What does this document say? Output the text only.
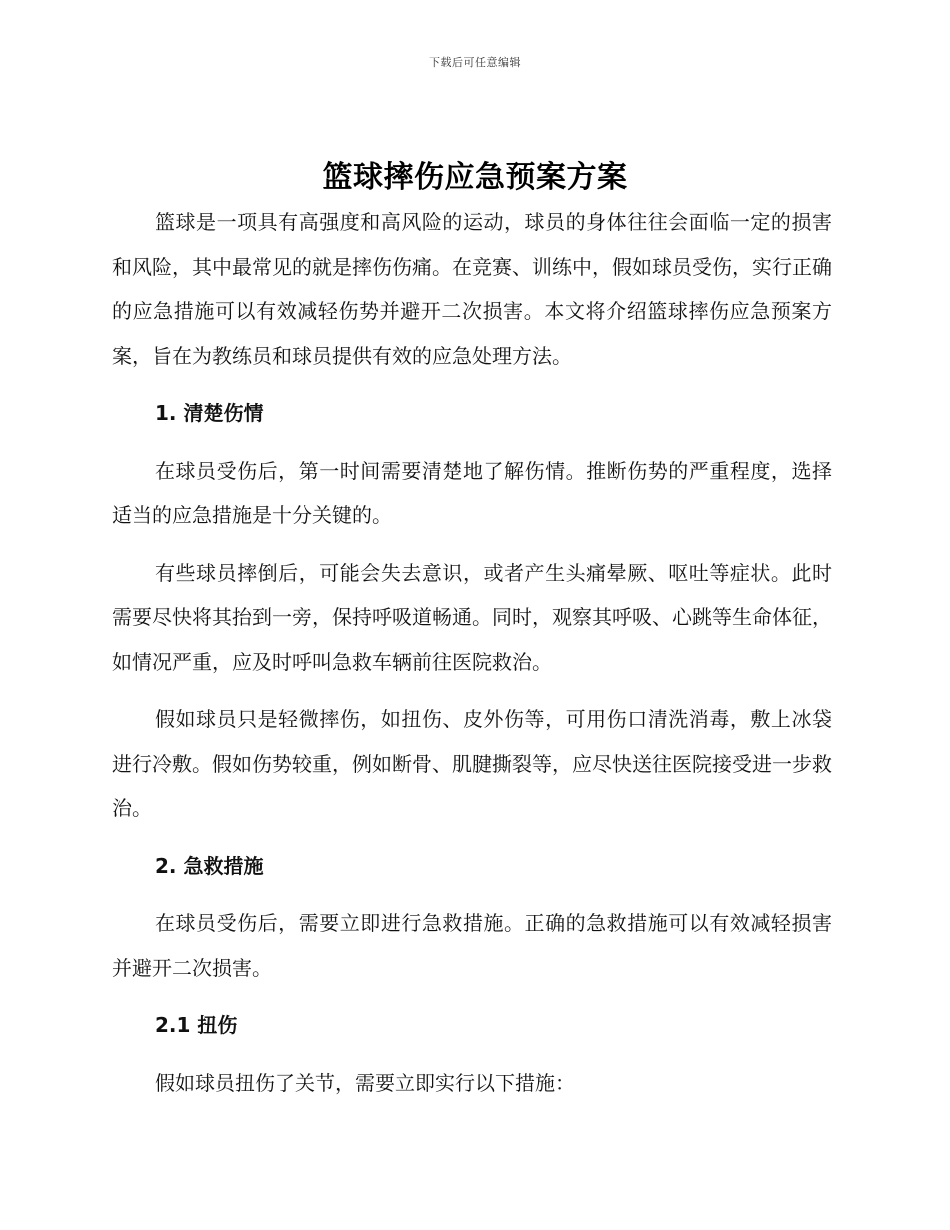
下载后可任意编辑
篮球摔伤应急预案方案

篮球是一项具有高强度和高风险的运动，球员的身体往往会面临一定的损害和风险，其中最常见的就是摔伤伤痛。在竞赛、训练中，假如球员受伤，实行正确的应急措施可以有效减轻伤势并避开二次损害。本文将介绍篮球摔伤应急预案方案，旨在为教练员和球员提供有效的应急处理方法。

1. 清楚伤情

在球员受伤后，第一时间需要清楚地了解伤情。推断伤势的严重程度，选择适当的应急措施是十分关键的。

有些球员摔倒后，可能会失去意识，或者产生头痛晕厥、呕吐等症状。此时需要尽快将其抬到一旁，保持呼吸道畅通。同时，观察其呼吸、心跳等生命体征，如情况严重，应及时呼叫急救车辆前往医院救治。

假如球员只是轻微摔伤，如扭伤、皮外伤等，可用伤口清洗消毒，敷上冰袋进行冷敷。假如伤势较重，例如断骨、肌腱撕裂等，应尽快送往医院接受进一步救治。

2. 急救措施

在球员受伤后，需要立即进行急救措施。正确的急救措施可以有效减轻损害并避开二次损害。

2.1 扭伤

假如球员扭伤了关节，需要立即实行以下措施：
